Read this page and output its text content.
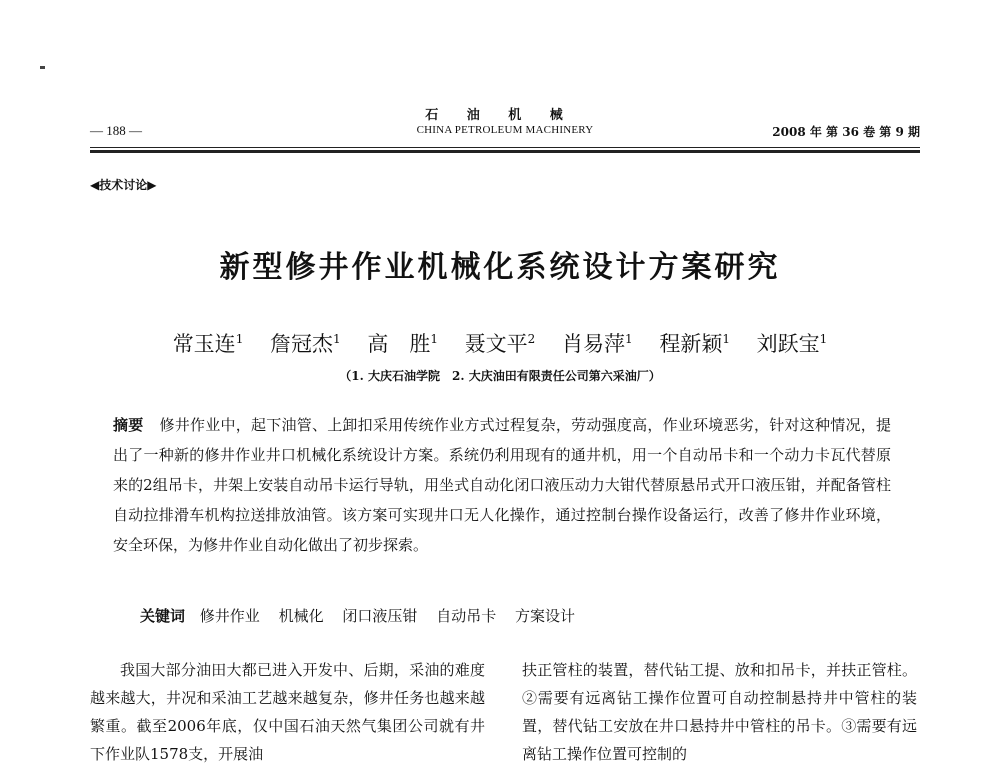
石 油 机 械
— 188 —	CHINA PETROLEUM MACHINERY	2008 年 第 36 卷 第 9 期
◀技术讨论▶
新型修井作业机械化系统设计方案研究
常玉连$^1$ 詹冠杰$^1$ 高　胜$^1$ 聂文平$^2$ 肖易萍$^1$ 程新颖$^1$ 刘跃宝$^1$
（1. 大庆石油学院　2. 大庆油田有限责任公司第六采油厂）
摘要 修井作业中，起下油管、上卸扣采用传统作业方式过程复杂，劳动强度高，作业环境恶劣，针对这种情况，提出了一种新的修井作业井口机械化系统设计方案。系统仍利用现有的通井机，用一个自动吊卡和一个动力卡瓦代替原来的2组吊卡，井架上安装自动吊卡运行导轨，用坐式自动化闭口液压动力大钳代替原悬吊式开口液压钳，并配备管柱自动拉排滑车机构拉送排放油管。该方案可实现井口无人化操作，通过控制台操作设备运行，改善了修井作业环境，安全环保，为修井作业自动化做出了初步探索。
关键词 修井作业 机械化 闭口液压钳 自动吊卡 方案设计
我国大部分油田大都已进入开发中、后期，采油的难度越来越大，井况和采油工艺越来越复杂，修井任务也越来越繁重。截至2006年底，仅中国石油天然气集团公司就有井下作业队1578支，开展油
扶正管柱的装置，替代钻工提、放和扣吊卡，并扶正管柱。②需要有远离钻工操作位置可自动控制悬持井中管柱的装置，替代钻工安放在井口悬持井中管柱的吊卡。③需要有远离钻工操作位置可控制的
